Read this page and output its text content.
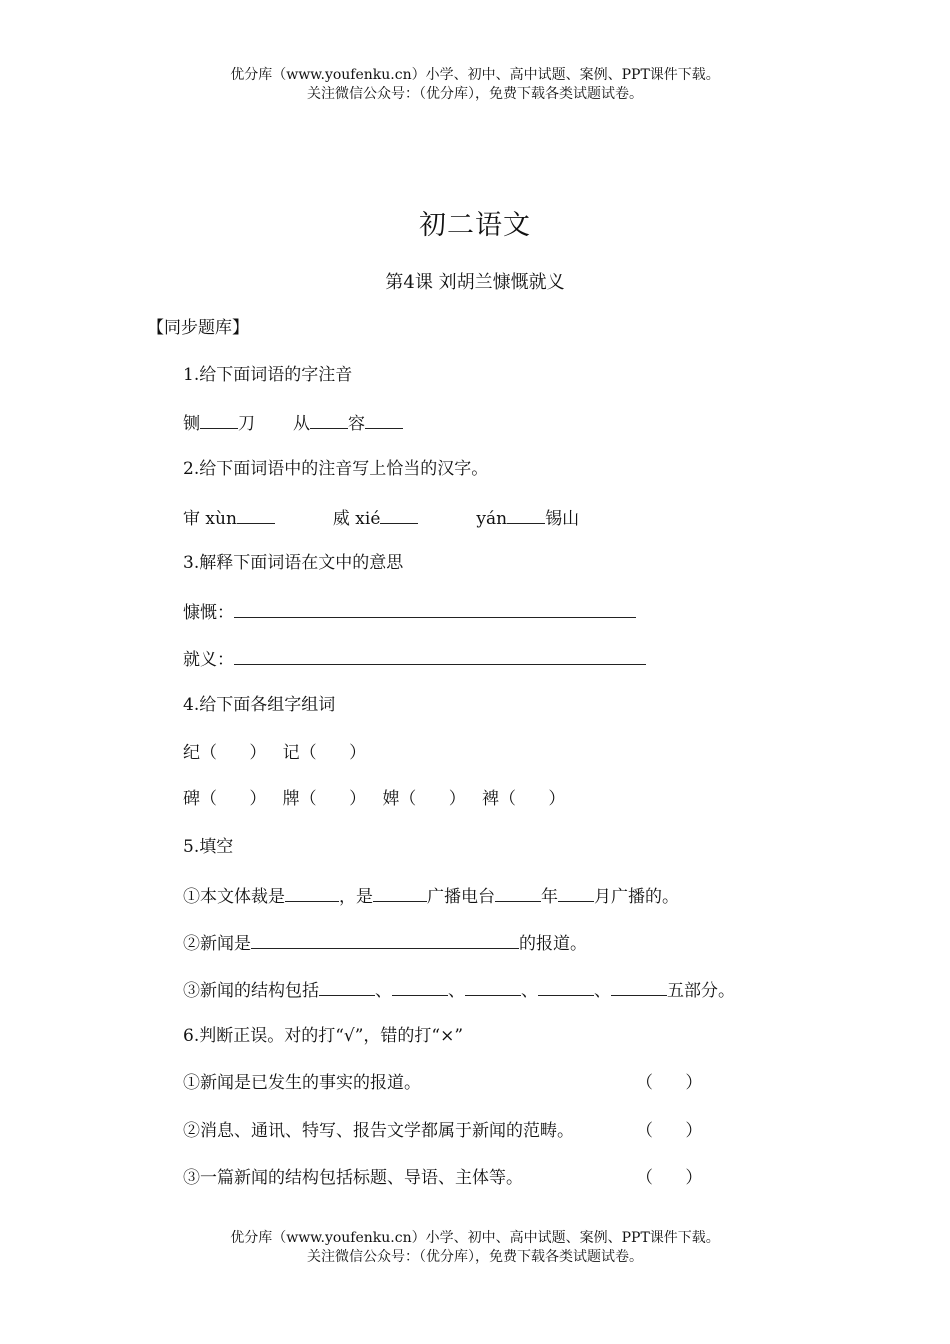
优分库（www.youfenku.cn）小学、初中、高中试题、案例、PPT课件下载。
关注微信公众号：（优分库），免费下载各类试题试卷。
初二语文
第4课 刘胡兰慷慨就义
【同步题库】
1.给下面词语的字注音
铡 刀 从 容
2.给下面词语中的注音写上恰当的汉字。
审 xùn	威 xié	yán 锡山
3.解释下面词语在文中的意思
慷慨：
就义：
4.给下面各组字组词
纪（      ） 记（      ）
碑（      ） 牌（      ） 婢（      ） 裨（      ）
5.填空
①本文体裁是	，是	广播电台	年 月广播的。
②新闻是	的报道。
③新闻的结构包括	、	、	、	、	五部分。
6.判断正误。对的打“√”，错的打“×”
①新闻是已发生的事实的报道。	（      ）
②消息、通讯、特写、报告文学都属于新闻的范畴。	（      ）
③一篇新闻的结构包括标题、导语、主体等。	（      ）
优分库（www.youfenku.cn）小学、初中、高中试题、案例、PPT课件下载。
关注微信公众号：（优分库），免费下载各类试题试卷。
